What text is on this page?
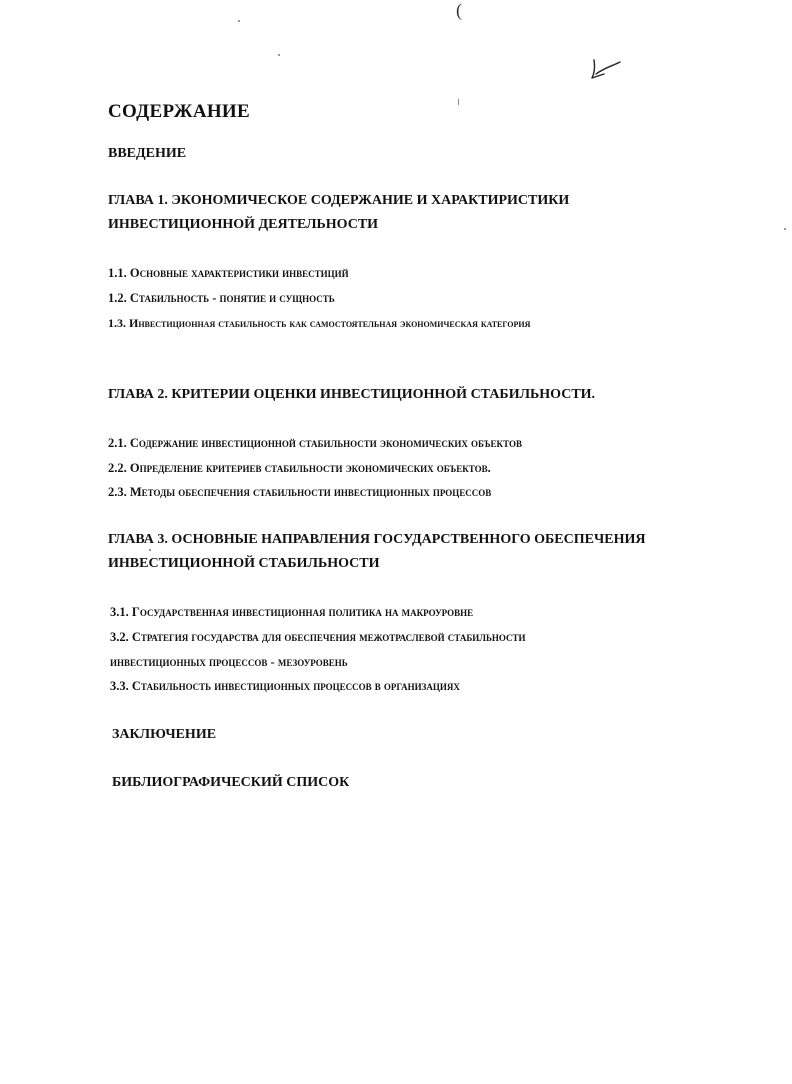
(
СОДЕРЖАНИЕ
ВВЕДЕНИЕ
ГЛАВА 1. ЭКОНОМИЧЕСКОЕ СОДЕРЖАНИЕ И ХАРАКТИРИСТИКИ
ИНВЕСТИЦИОННОЙ ДЕЯТЕЛЬНОСТИ
1.1. Основные характеристики инвестиций
1.2. Стабильность - понятие и сущность
1.3. Инвестиционная стабильность как самостоятельная экономическая категория
ГЛАВА 2. КРИТЕРИИ ОЦЕНКИ ИНВЕСТИЦИОННОЙ СТАБИЛЬНОСТИ.
2.1. Содержание инвестиционной стабильности экономических объектов
2.2. Определение критериев стабильности экономических объектов.
2.3. Методы обеспечения стабильности инвестиционных процессов
ГЛАВА 3. ОСНОВНЫЕ НАПРАВЛЕНИЯ ГОСУДАРСТВЕННОГО ОБЕСПЕЧЕНИЯ
ИНВЕСТИЦИОННОЙ СТАБИЛЬНОСТИ
3.1. Государственная инвестиционная политика на макроуровне
3.2. Стратегия государства для обеспечения межотраслевой стабильности
инвестиционных процессов - мезоуровень
3.3. Стабильность инвестиционных процессов в организациях
ЗАКЛЮЧЕНИЕ
БИБЛИОГРАФИЧЕСКИЙ СПИСОК
